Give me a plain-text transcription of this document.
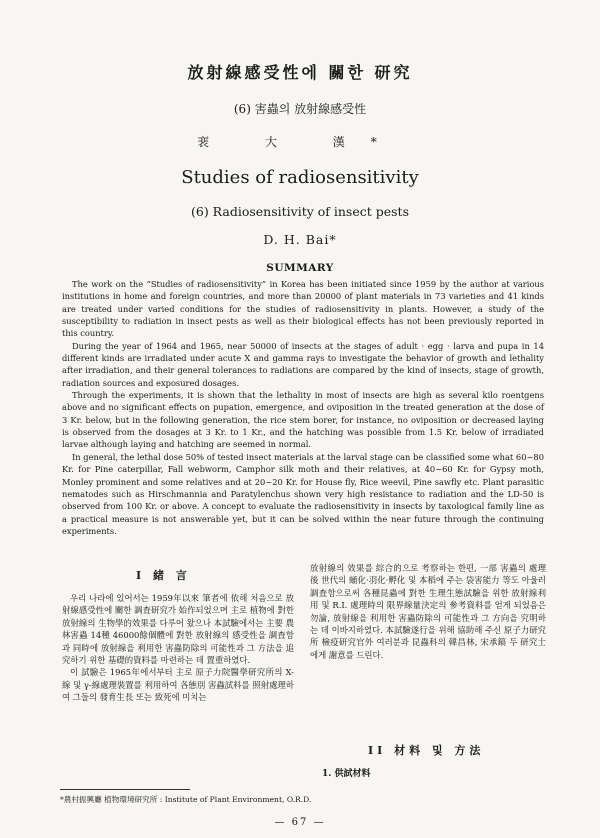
放射線感受性에 關한 研究
(6) 害蟲의 放射線感受性
裵 大 漢*
Studies of radiosensitivity
(6) Radiosensitivity of insect pests
D. H. Bai*
SUMMARY

The work on the “Studies of radiosensitivity” in Korea has been initiated since 1959 by the author at various institutions in home and foreign countries, and more than 20000 of plant materials in 73 varieties and 41 kinds are treated under varied conditions for the studies of radiosensitivity in plants. However, a study of the susceptibility to radiation in insect pests as well as their biological effects has not been previously reported in this country.

During the year of 1964 and 1965, near 50000 of insects at the stages of adult · egg · larva and pupa in 14 different kinds are irradiated under acute X and gamma rays to investigate the behavior of growth and lethality after irradiation, and their general tolerances to radiations are compared by the kind of insects, stage of growth, radiation sources and exposured dosages.

Through the experiments, it is shown that the lethality in most of insects are high as several kilo roentgens above and no significant effects on pupation, emergence, and oviposition in the treated generation at the dose of 3 Kr. below, but in the following generation, the rice stem borer, for instance, no oviposition or decreased laying is observed from the dosages at 3 Kr. to 1 Kr., and the hatching was possible from 1.5 Kr. below of irradiated larvae although laying and hatching are seemed in normal.

In general, the lethal dose 50% of tested insect materials at the larval stage can be classified some what 60~80 Kr. for Pine caterpillar, Fall webworm, Camphor silk moth and their relatives, at 40~60 Kr. for Gypsy moth, Monley prominent and some relatives and at 20~20 Kr. for House fly, Rice weevil, Pine sawfly etc. Plant parasitic nematodes such as Hirschmannia and Paratylenchus shown very high resistance to radiation and the LD-50 is observed from 100 Kr. or above. A concept to evaluate the radiosensitivity in insects by taxological family line as a practical measure is not answerable yet, but it can be solved within the near future through the continuing experiments.

I 緒 言

우리 나라에 있어서는 1959年以來 筆者에 依해 처음으로 放射線感受性에 關한 調査研究가 始作되었으며 主로 植物에 對한 放射線의 生物學的效果를 다루어 왔으나 本試驗에서는 主要 農林害蟲 14種 46000餘個體에 對한 放射線의 感受性을 調査함과 同時에 放射線을 利用한 害蟲防除의 可能性과 그 方法을 追究하기 위한 基礎的資料를 마련하는 데 置重하였다.

이 試驗은 1965年에서부터 主로 原子力院醫學研究所의 X-線 및 γ-線處理裝置를 利用하여 各態別 害蟲試料를 照射處理하여 그들의 發育生長 또는 致死에 미치는

放射線의 效果를 綜合的으로 考察하는 한편, 一部 害蟲의 處理後 世代의 蛹化·羽化·孵化 및 本稻에 주는 袋害能力 等도 아울러 調査함으로써 各種昆蟲에 對한 生理生態試驗을 위한 放射線利用 및 R.I. 處理時의 限界線量決定의 參考資料를 얻게 되었음은 勿論, 放射線을 利用한 害蟲防除의 可能性과 그 方向을 究明하는 데 이바지하였다. 本試驗遂行을 위해 協助해 주신 原子力研究所 檢疫研究官外 여러분과 昆蟲科의 韓昌林, 宋承鎬 두 研究士에게 謝意를 드린다.

II 材料 및 方法
1. 供試材料
*農村振興廳 植物環境研究所 : Institute of Plant Environment, O.R.D.
— 67 —
